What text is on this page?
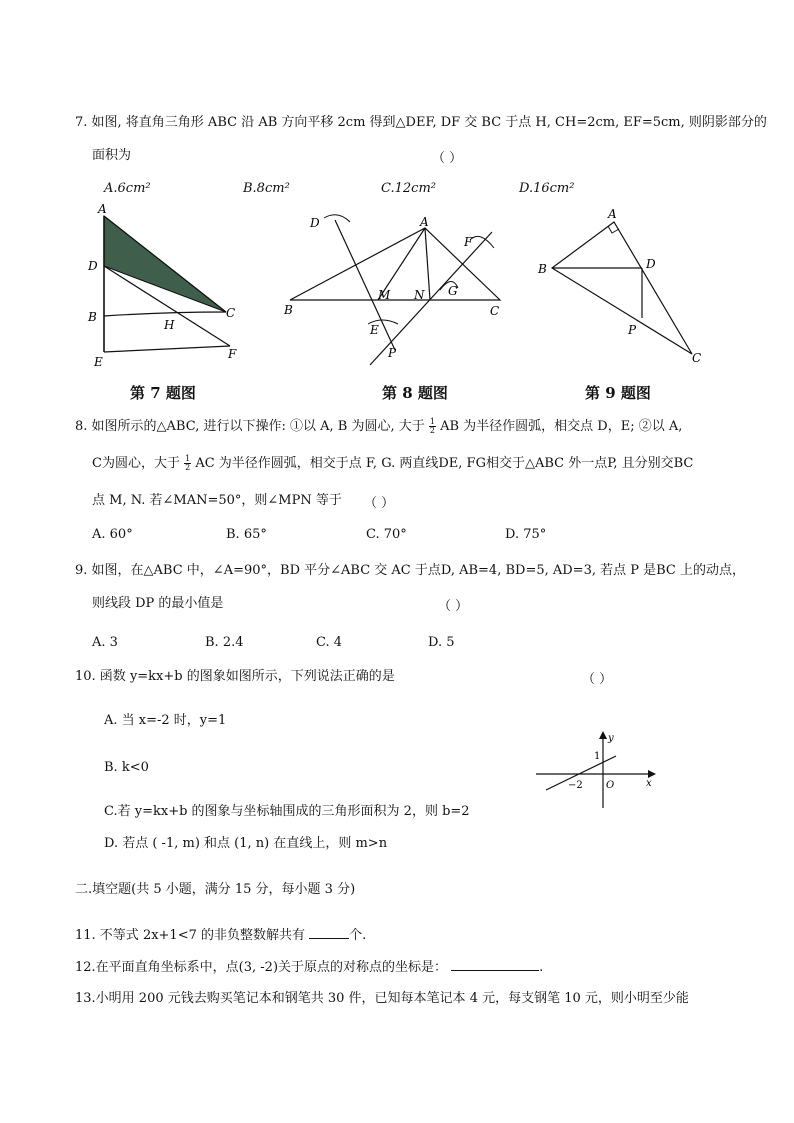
7. 如图, 将直角三角形 ABC 沿 AB 方向平移 2cm 得到△DEF, DF 交 BC 于点 H, CH=2cm, EF=5cm, 则阴影部分的
面积为	（ ）
A.6cm²	B.8cm²	C.12cm²	D.16cm²
A
D
B
E
H
C
F
D	A
F
B
M N G
C
E
P
A
B	D
P
C
第 7 题图	第 8 题图	第 9 题图
8. 如图所示的△ABC, 进行以下操作: ①以 A, B 为圆心, 大于 $\frac{1}{2}$ AB 为半径作圆弧，相交点 D，E; ②以 A,
C为圆心，大于 $\frac{1}{2}$ AC 为半径作圆弧，相交于点 F, G. 两直线DE, FG相交于△ABC 外一点P, 且分别交BC
点 M, N. 若∠MAN=50°，则∠MPN 等于 （ ）
A. 60°	B. 65°	C. 70°	D. 75°
9. 如图，在△ABC 中，∠A=90°，BD 平分∠ABC 交 AC 于点D, AB=4, BD=5, AD=3, 若点 P 是BC 上的动点，
则线段 DP 的最小值是	（ ）
A. 3	B. 2.4	C. 4	D. 5
10. 函数 y=kx+b 的图象如图所示，下列说法正确的是	（ ）
A. 当 x=-2 时，y=1
B. k<0
C.若 y=kx+b 的图象与坐标轴围成的三角形面积为 2，则 b=2
D. 若点 ( -1, m) 和点 (1, n) 在直线上，则 m>n
y
x
1
−2 O
二.填空题(共 5 小题，满分 15 分，每小题 3 分)
11. 不等式 2x+1<7 的非负整数解共有	个.
12.在平面直角坐标系中，点(3, -2)关于原点的对称点的坐标是：	.
13.小明用 200 元钱去购买笔记本和钢笔共 30 件，已知每本笔记本 4 元，每支钢笔 10 元，则小明至少能
